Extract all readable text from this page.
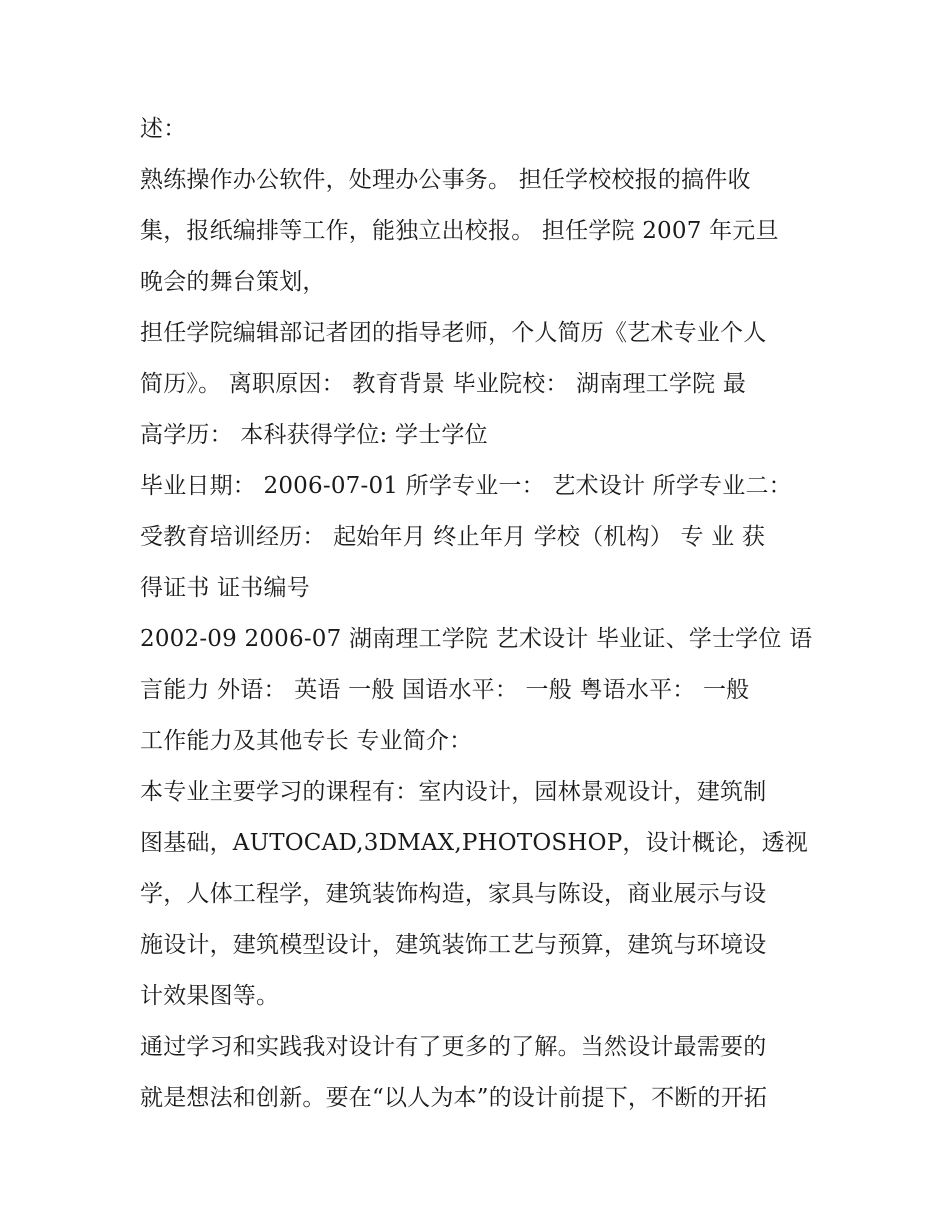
述：
熟练操作办公软件，处理办公事务。 担任学校校报的搞件收
集，报纸编排等工作，能独立出校报。 担任学院 2007 年元旦
晚会的舞台策划，
担任学院编辑部记者团的指导老师，个人简历《艺术专业个人
简历》。 离职原因： 教育背景 毕业院校： 湖南理工学院 最
高学历： 本科获得学位: 学士学位
毕业日期： 2006-07-01 所学专业一： 艺术设计 所学专业二：
受教育培训经历： 起始年月 终止年月 学校（机构） 专 业 获
得证书 证书编号
2002-09 2006-07 湖南理工学院 艺术设计 毕业证、学士学位 语
言能力 外语： 英语 一般 国语水平： 一般 粤语水平： 一般
工作能力及其他专长 专业简介：
本专业主要学习的课程有：室内设计，园林景观设计，建筑制
图基础，AUTOCAD,3DMAX,PHOTOSHOP，设计概论，透视
学，人体工程学，建筑装饰构造，家具与陈设，商业展示与设
施设计，建筑模型设计，建筑装饰工艺与预算，建筑与环境设
计效果图等。
通过学习和实践我对设计有了更多的了解。当然设计最需要的
就是想法和创新。要在“以人为本”的设计前提下，不断的开拓
